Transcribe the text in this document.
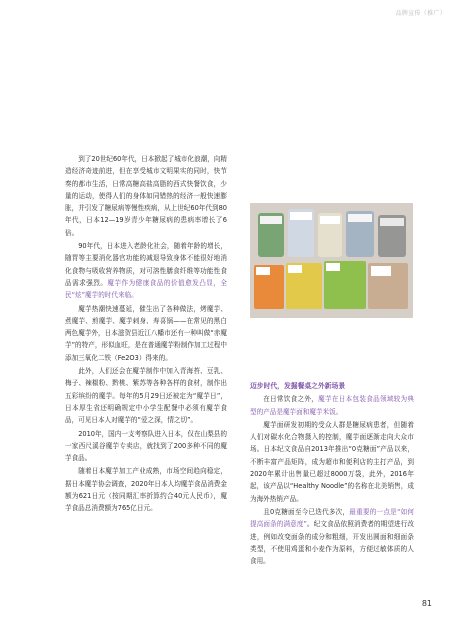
品牌宣传（推广）

到了20世纪60年代，日本掀起了城市化浪潮，向精造经济奇迹前进，但在享受城市文明果实的同时，快节奏的都市生活，日常高糖高盐高脂的西式快餐饮食，少量的运动，使得人们的身体如同错热的经济一般快速膨胀，并引发了糖尿病等慢性疾病，从上世纪60年代到80年代，日本12—19岁青少年糖尿病的患病率增长了6倍。

90年代，日本进入老龄化社会，随着年龄的增长，随胃等主要消化器官功能的减退导致身体不能很好地消化食物与吸收营养物质，对可溶性膳食纤维等功能性食品需求强烈。魔芋作为健康食品的价值愈发凸显，全民“炫”魔芋的时代来临。

魔芋热潮快速蔓延，催生出了各种做法，烤魔芋、煮魔芋、煎魔芋、魔芋刺身、寿喜锅——在常见的黑白两色魔芋外，日本滋贺县近江八幡市还有一种叫做“赤魔芋”的特产，形似血旺，是在普通魔芋粉制作加工过程中添加三氧化二铁（Fe2O3）得来的。

此外，人们还会在魔芋制作中加入青海苔、豆乳、梅子、辣椒粉、黔桃、紫苏等各种各样的食材，制作出五彩缤纷的魔芋。每年的5月29日还被定为“魔芋日”，日本厚生省还明确规定中小学生配餐中必须有魔芋食品，可见日本人对魔芋的“爱之深，情之切”。

2010年，国内一支考察队进入日本，仅在山梨县的一家西尺溪谷魔芋专卖店，就找到了200多种不同的魔芋食品。

随着日本魔芋加工产业成熟，市场空间趋向稳定，据日本魔芋协会调查，2020年日本人均魔芋食品消费金额为621日元（按同期汇率折算约合40元人民币），魔芋食品总消费额为765亿日元。

迈步时代，发掘餐桌之外新场景

在日常饮食之外，魔芋在日本包装食品领域较为典型的产品是魔芋面和魔芋米饭。

魔芋面研发初期的受众人群是糖尿病患者，但随着人们对碳水化合物摄入的控制，魔芋面逐渐走向大众市场。日本纪文食品自2013年推出“0克糖面”产品以来，不断丰富产品矩阵，成为超市和便利店的主打产品，到2020年累计出售量已超过8000万袋，此外，2016年起，该产品以“Healthy Noodle”的名称在北美销售，成为海外热销产品。

且0克糖面至今已迭代多次，最重要的一点是“如何提高面条的满意度”。纪文食品依照消费者的期望进行改进，例如改变面条的成分和粗细，开发出圆面和细面条类型，不使用鸡蛋和小麦作为原料，方便过敏体质的人食用。

81
